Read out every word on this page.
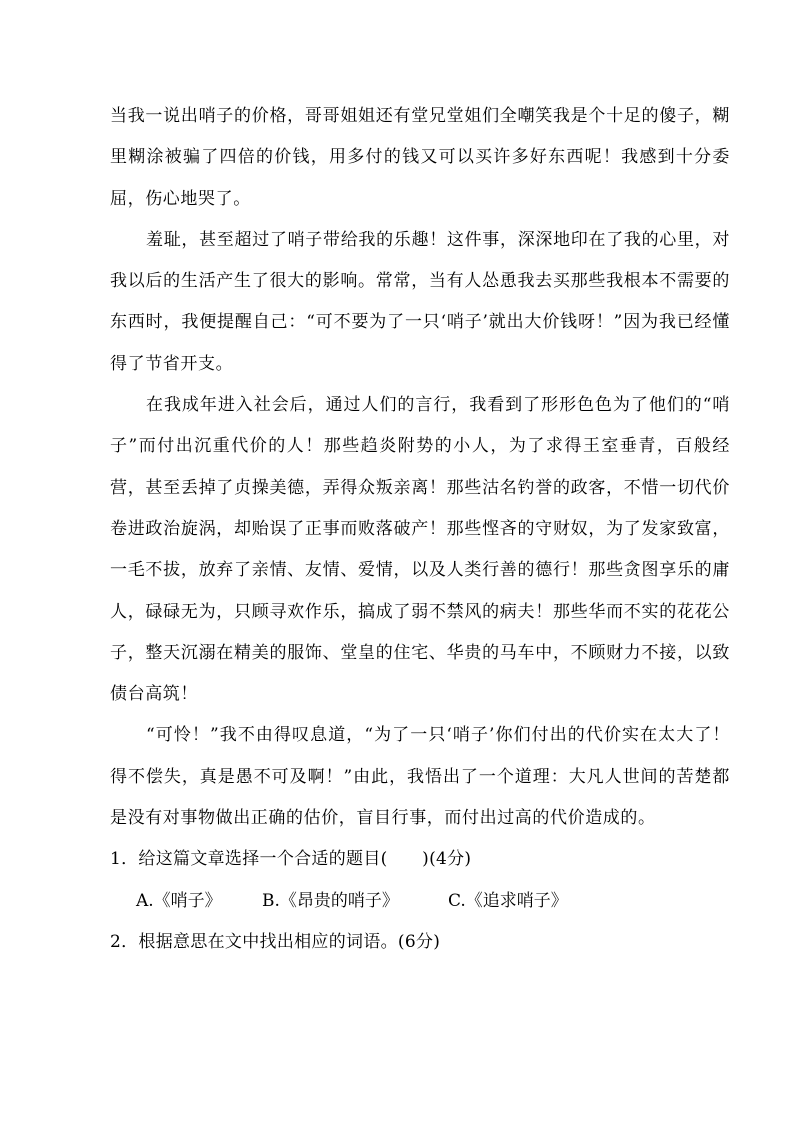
当我一说出哨子的价格，哥哥姐姐还有堂兄堂姐们全嘲笑我是个十足的傻子，糊里糊涂被骗了四倍的价钱，用多付的钱又可以买许多好东西呢！我感到十分委屈，伤心地哭了。

羞耻，甚至超过了哨子带给我的乐趣！这件事，深深地印在了我的心里，对我以后的生活产生了很大的影响。常常，当有人怂恿我去买那些我根本不需要的东西时，我便提醒自己：“可不要为了一只‘哨子’就出大价钱呀！”因为我已经懂得了节省开支。

在我成年进入社会后，通过人们的言行，我看到了形形色色为了他们的“哨子”而付出沉重代价的人！那些趋炎附势的小人，为了求得王室垂青，百般经营，甚至丢掉了贞操美德，弄得众叛亲离！那些沽名钓誉的政客，不惜一切代价卷进政治旋涡，却贻误了正事而败落破产！那些悭吝的守财奴，为了发家致富，一毛不拔，放弃了亲情、友情、爱情，以及人类行善的德行！那些贪图享乐的庸人，碌碌无为，只顾寻欢作乐，搞成了弱不禁风的病夫！那些华而不实的花花公子，整天沉溺在精美的服饰、堂皇的住宅、华贵的马车中，不顾财力不接，以致债台高筑！

“可怜！”我不由得叹息道，“为了一只‘哨子’你们付出的代价实在太大了！得不偿失，真是愚不可及啊！”由此，我悟出了一个道理：大凡人世间的苦楚都是没有对事物做出正确的估价，盲目行事，而付出过高的代价造成的。

1．给这篇文章选择一个合适的题目(　　)(4分)

A.《哨子》 B.《昂贵的哨子》	C.《追求哨子》

2．根据意思在文中找出相应的词语。(6分)
